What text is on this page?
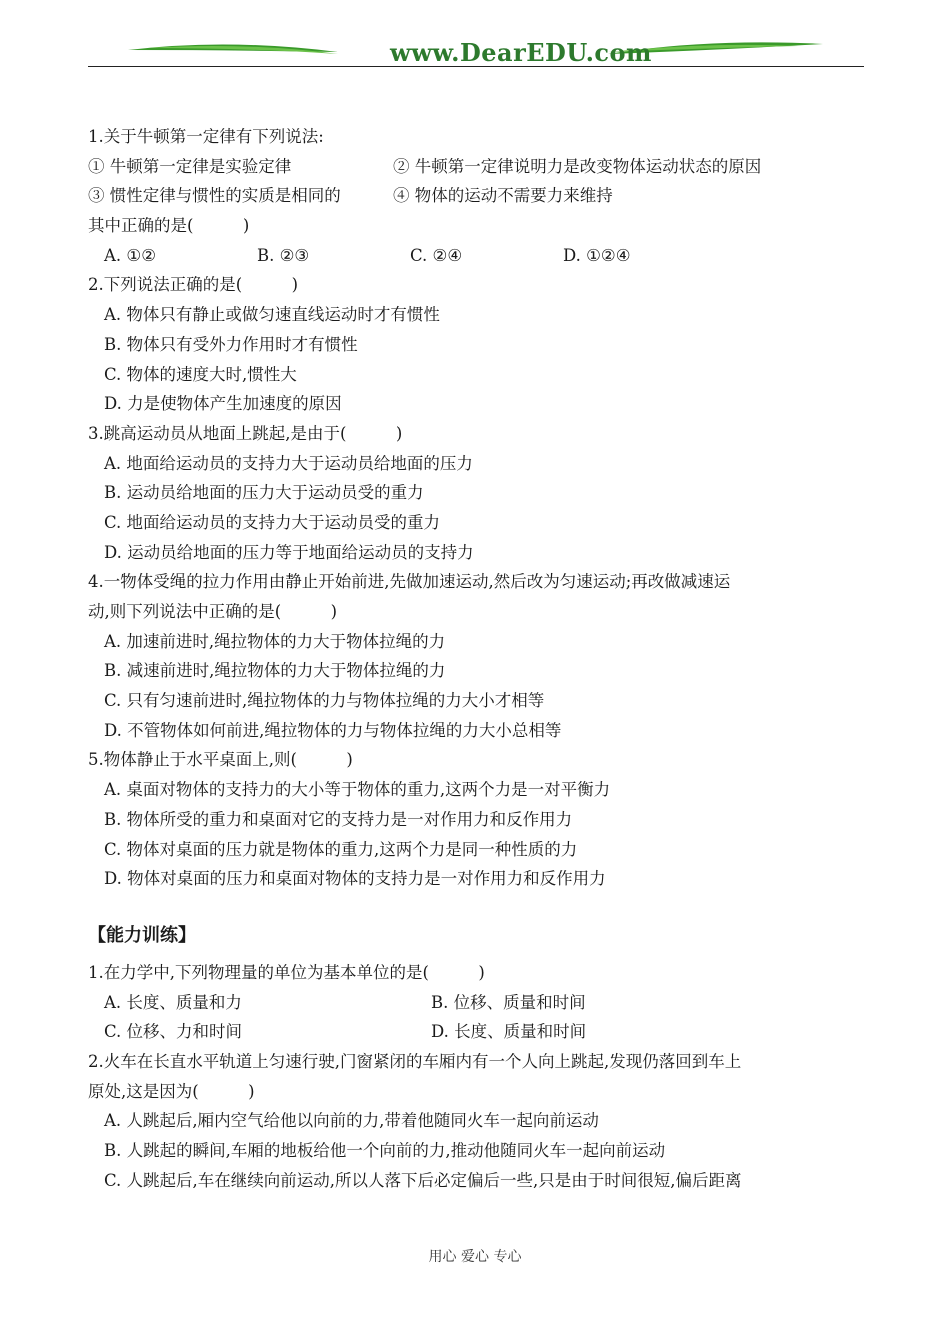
www.DearEDU.com
1.关于牛顿第一定律有下列说法:
① 牛顿第一定律是实验定律	② 牛顿第一定律说明力是改变物体运动状态的原因
③ 惯性定律与惯性的实质是相同的	④ 物体的运动不需要力来维持
其中正确的是(　　　)
A. ①②	B. ②③	C. ②④	D. ①②④
2.下列说法正确的是(　　　)
A. 物体只有静止或做匀速直线运动时才有惯性
B. 物体只有受外力作用时才有惯性
C. 物体的速度大时,惯性大
D. 力是使物体产生加速度的原因
3.跳高运动员从地面上跳起,是由于(　　　)
A. 地面给运动员的支持力大于运动员给地面的压力
B. 运动员给地面的压力大于运动员受的重力
C. 地面给运动员的支持力大于运动员受的重力
D. 运动员给地面的压力等于地面给运动员的支持力
4.一物体受绳的拉力作用由静止开始前进,先做加速运动,然后改为匀速运动;再改做减速运
动,则下列说法中正确的是(　　　)
A. 加速前进时,绳拉物体的力大于物体拉绳的力
B. 减速前进时,绳拉物体的力大于物体拉绳的力
C. 只有匀速前进时,绳拉物体的力与物体拉绳的力大小才相等
D. 不管物体如何前进,绳拉物体的力与物体拉绳的力大小总相等
5.物体静止于水平桌面上,则(　　　)
A. 桌面对物体的支持力的大小等于物体的重力,这两个力是一对平衡力
B. 物体所受的重力和桌面对它的支持力是一对作用力和反作用力
C. 物体对桌面的压力就是物体的重力,这两个力是同一种性质的力
D. 物体对桌面的压力和桌面对物体的支持力是一对作用力和反作用力
【能力训练】
1.在力学中,下列物理量的单位为基本单位的是(　　　)
A. 长度、质量和力	B. 位移、质量和时间
C. 位移、力和时间	D. 长度、质量和时间
2.火车在长直水平轨道上匀速行驶,门窗紧闭的车厢内有一个人向上跳起,发现仍落回到车上
原处,这是因为(　　　)
A. 人跳起后,厢内空气给他以向前的力,带着他随同火车一起向前运动
B. 人跳起的瞬间,车厢的地板给他一个向前的力,推动他随同火车一起向前运动
C. 人跳起后,车在继续向前运动,所以人落下后必定偏后一些,只是由于时间很短,偏后距离
用心 爱心 专心
